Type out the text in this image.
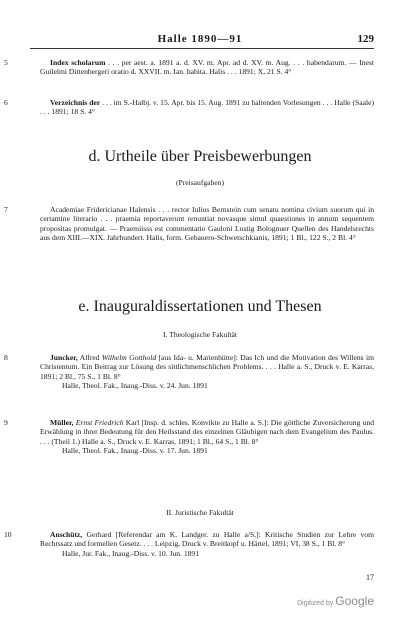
Halle 1890—91	129
5	Index scholarum . . . per aest. a. 1891 a. d. XV. m. Apr. ad d. XV. m. Aug. . . . habendarum. — Inest Guilelmi Dittenbergeri oratio d. XXVII. m. Ian. habita. Halis . . . 1891; X, 21 S. 4°
6	Verzeichnis der . . . im S.-Halbj. v. 15. Apr. bis 15. Aug. 1891 zu haltenden Vorlesungen . . . Halle (Saale) . . . 1891; 18 S. 4°
d. Urtheile über Preisbewerbungen
(Preisaufgaben)
7	Academiae Fridericianae Halensis . . . rector Iulius Bernstein cum senatu nomina civium suorum qui in certamine literario . . . praemia reportaverunt renuntiat novasque simul quaestiones in annum sequentem propositas promulgat. — Praemiisss est commentatio Gauloni Lustig Bolognuer Quellen des Handelsrechts aus dem XIII.—XIX. Jahrhundert. Halis, form. Gebauero-Schwetschkianis, 1891; 1 Bl., 122 S., 2 Bl. 4°
e. Inauguraldissertationen und Thesen
I. Theologische Fakultät
8	Juncker, Alfred Wilhelm Gotthold [aus Ida- u. Marienhütte]: Das Ich und die Motivation des Willens im Christentum. Ein Beitrag zur Lösung des sittlichmenschlichen Problems. . . . Halle a. S., Druck v. E. Karras, 1891; 2 Bl., 75 S., 1 Bl. 8°
Halle, Theol. Fak., Inaug.-Diss. v. 24. Jun. 1891
9	Müller, Ernst Friedrich Karl [Insp. d. schles. Konvikte zu Halle a. S.]: Die göttliche Zuversicherung und Erwählung in ihrer Bedeutung für den Heilsstand des einzelnen Gläubigen nach dem Evangelium des Paulus. . . . (Theil 1.) Halle a. S., Druck v. E. Karras, 1891; 1 Bl., 64 S., 1 Bl. 8°
Halle, Theol. Fak., Inaug.-Diss. v. 17. Jun. 1891
II. Juristische Fakultät
10	Anschütz, Gerhard [Referendar am K. Landger. zu Halle a/S.]: Kritische Studien zur Lehre vom Rechtssatz und formellen Gesetz. . . . Leipzig, Druck v. Breitkopf u. Härtel, 1891; VI, 38 S., 1 Bl. 8°
Halle, Jur. Fak., Inaug.-Diss. v. 10. Jun. 1891
17
Digitized by Google
